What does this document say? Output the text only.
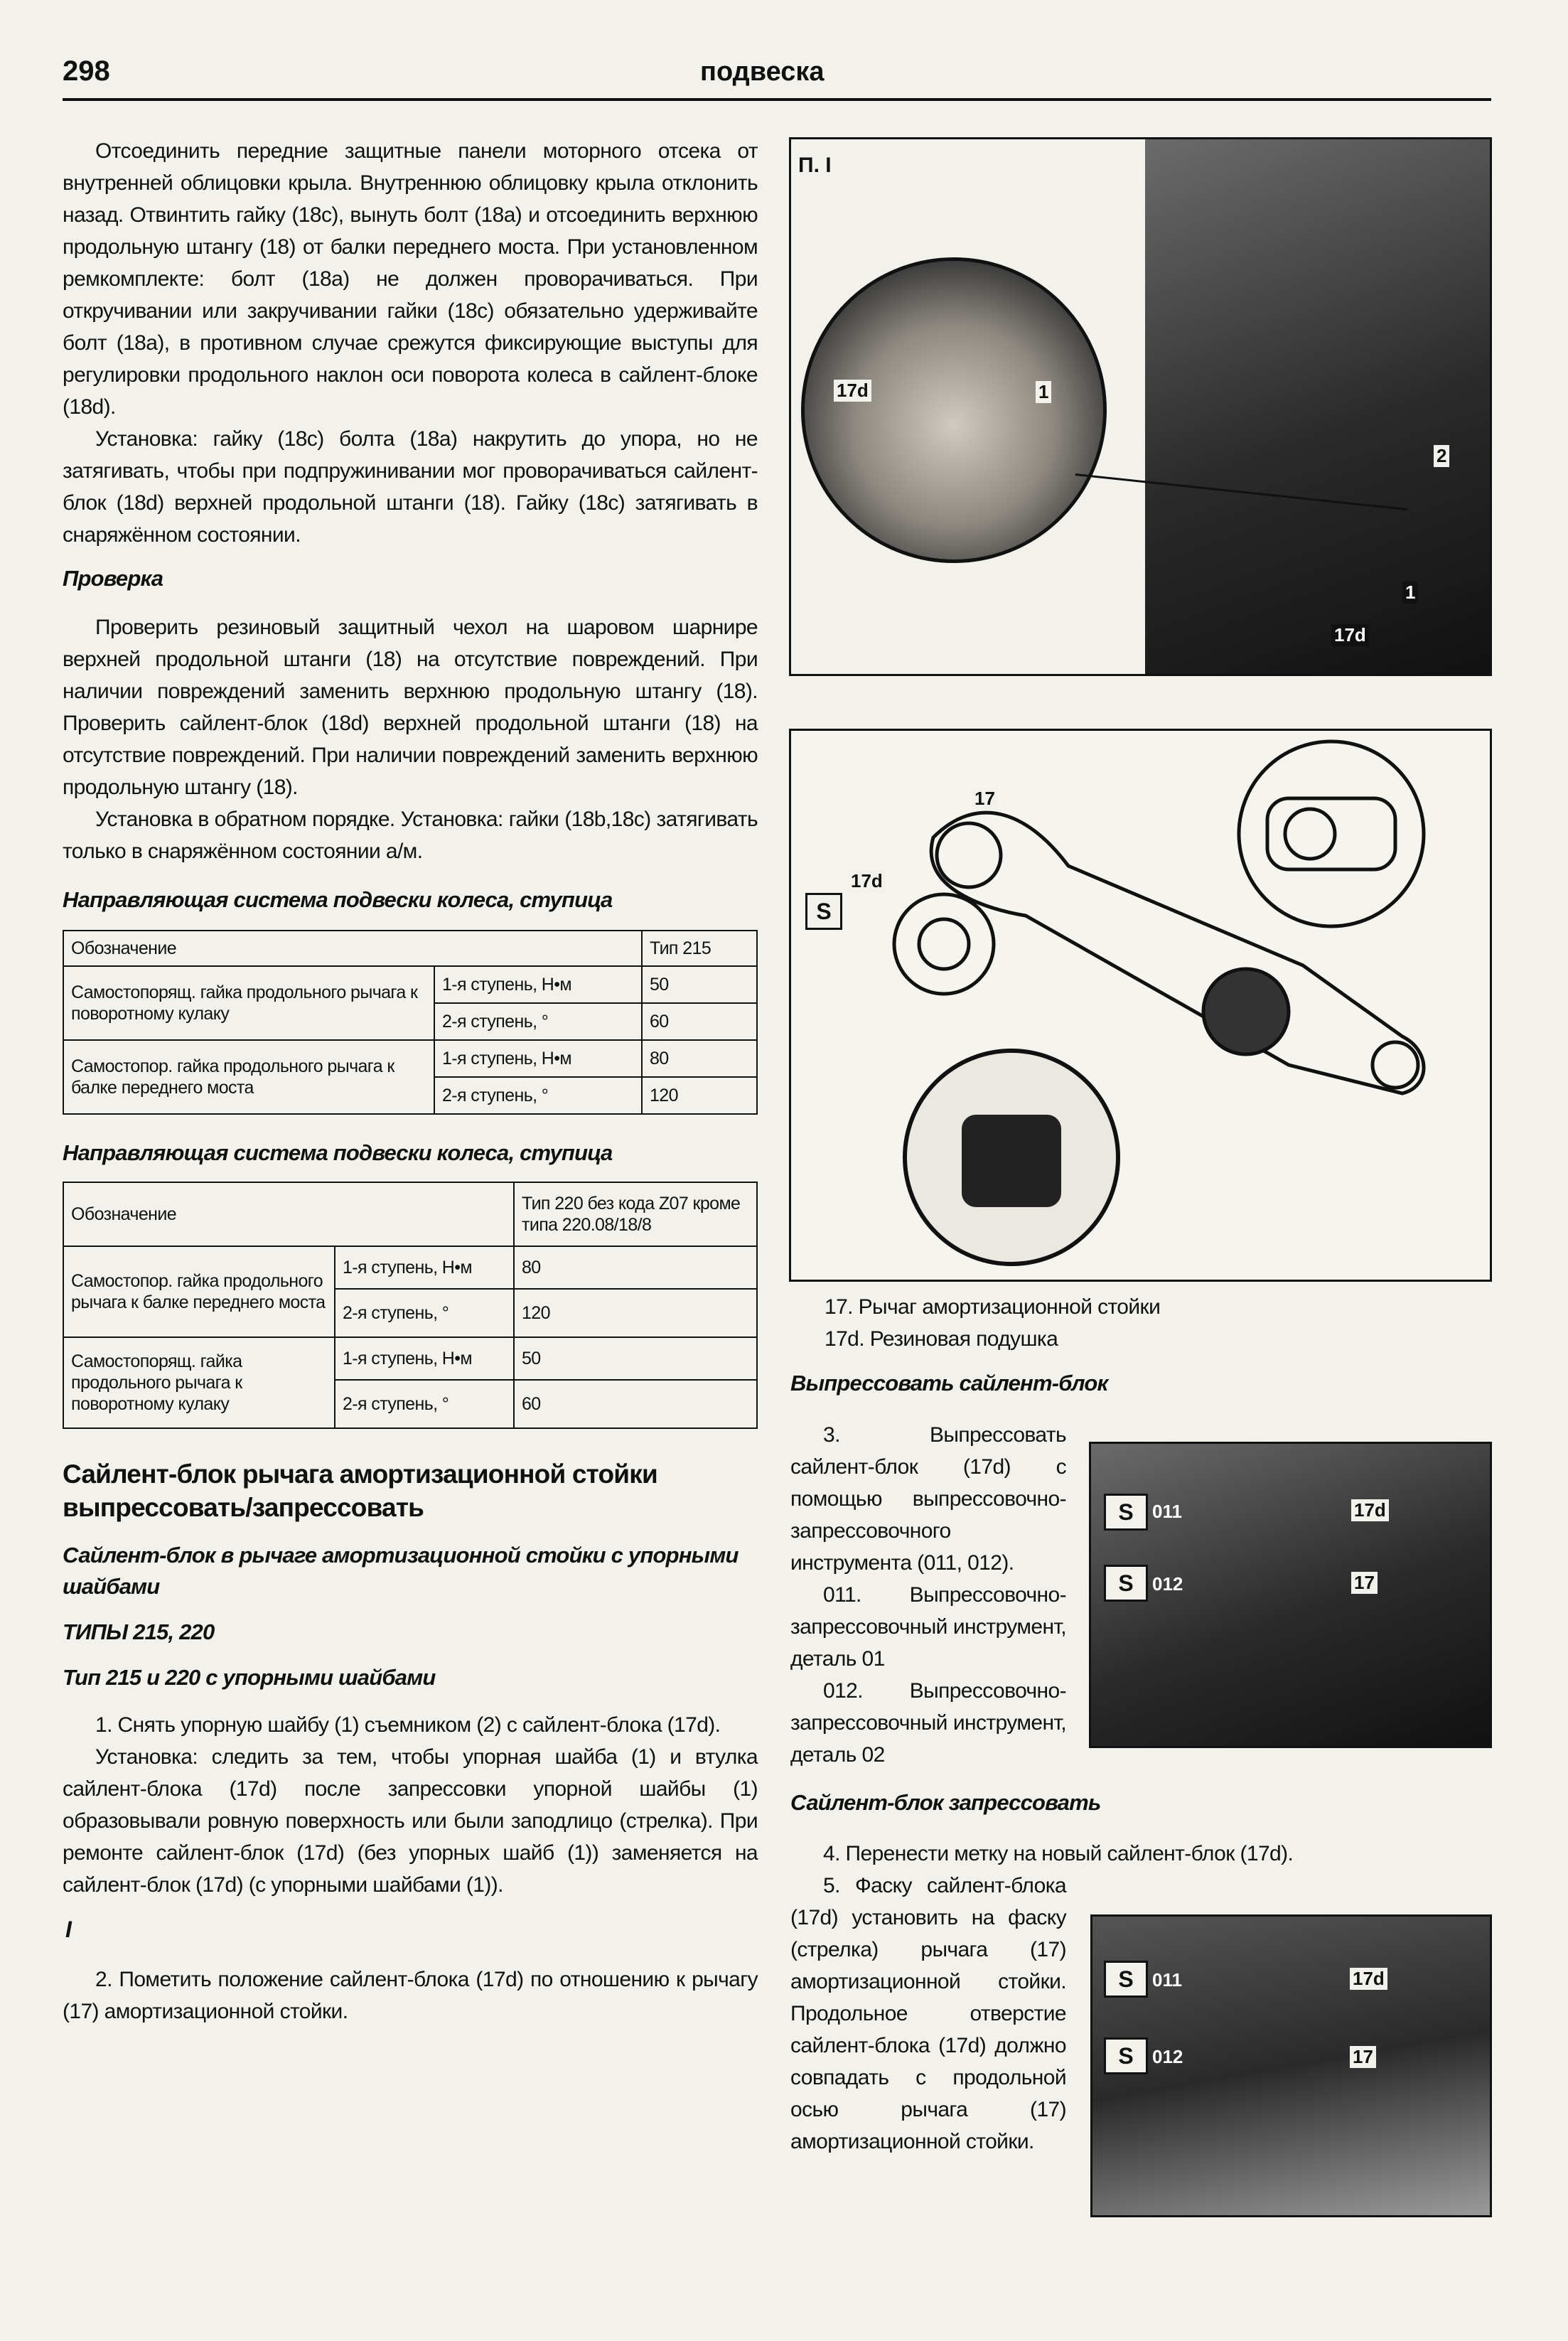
298	подвеска

Отсоединить передние защитные панели моторного отсека от внутренней облицовки крыла. Внутреннюю облицовку крыла отклонить назад. Отвинтить гайку (18c), вынуть болт (18a) и отсоединить верхнюю продольную штангу (18) от балки переднего моста. При установленном ремкомплекте: болт (18a) не должен проворачиваться. При откручивании или закручивании гайки (18c) обязательно удерживайте болт (18a), в противном случае срежутся фиксирующие выступы для регулировки продольного наклон оси поворота колеса в сайлент-блоке (18d).

Установка: гайку (18c) болта (18a) накрутить до упора, но не затягивать, чтобы при подпружинивании мог проворачиваться сайлент-блок (18d) верхней продольной штанги (18). Гайку (18c) затягивать в снаряжённом состоянии.

Проверка

Проверить резиновый защитный чехол на шаровом шарнире верхней продольной штанги (18) на отсутствие повреждений. При наличии повреждений заменить верхнюю продольную штангу (18). Проверить сайлент-блок (18d) верхней продольной штанги (18) на отсутствие повреждений. При наличии повреждений заменить верхнюю продольную штангу (18).

Установка в обратном порядке. Установка: гайки (18b,18c) затягивать только в снаряжённом состоянии а/м.

Направляющая система подвески колеса, ступица
Обозначение		Тип 215
Самостопорящ. гайка продольного рычага к поворотному кулаку	1-я ступень, Н•м	50
	2-я ступень, °	60
Самостопор. гайка продольного рычага к балке переднего моста	1-я ступень, Н•м	80
	2-я ступень, °	120
Направляющая система подвески колеса, ступица
Обозначение		Тип 220 без кода Z07 кроме типа 220.08/18/8
Самостопор. гайка продольного рычага к балке переднего моста	1-я ступень, Н•м	80
	2-я ступень, °	120
Самостопорящ. гайка продольного рычага к поворотному кулаку	1-я ступень, Н•м	50
	2-я ступень, °	60
Сайлент-блок рычага амортизационной стойки выпрессовать/запрессовать
Сайлент-блок в рычаге амортизационной стойки с упорными шайбами
ТИПЫ 215, 220
Тип 215 и 220 с упорными шайбами

1. Снять упорную шайбу (1) съемником (2) с сайлент-блока (17d).

Установка: следить за тем, чтобы упорная шайба (1) и втулка сайлент-блока (17d) после запрессовки упорной шайбы (1) образовывали ровную поверхность или были заподлицо (стрелка). При ремонте сайлент-блок (17d) (без упорных шайб (1)) заменяется на сайлент-блок (17d) (с упорными шайбами (1)).

I

2. Пометить положение сайлент-блока (17d) по отношению к рычагу (17) амортизационной стойки.

П. I
17d	1
2
1
17d
17
17d
S

17. Рычаг амортизационной стойки

17d. Резиновая подушка

Выпрессовать сайлент-блок

3. Выпрессовать сайлент-блок (17d) с помощью выпрессовочно-запрессовочного инструмента (011, 012).

011. Выпрессовочно-запрессовочный инструмент, деталь 01

012. Выпрессовочно-запрессовочный инструмент, деталь 02

S	011
S	012
17d
17
Сайлент-блок запрессовать

4. Перенести метку на новый сайлент-блок (17d).

5. Фаску сайлент-блока (17d) установить на фаску (стрелка) рычага (17) амортизационной стойки. Продольное отверстие сайлент-блока (17d) должно совпадать с продольной осью рычага (17) амортизационной стойки.

S	011
S	012
17d
17
